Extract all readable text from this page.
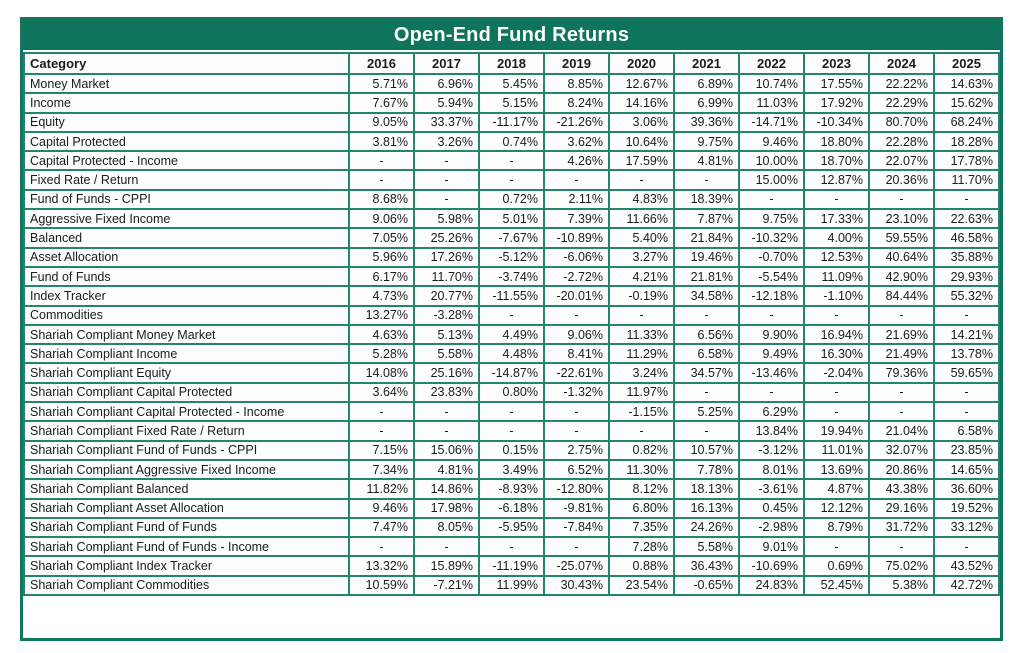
Open-End Fund Returns
Category	2016	2017	2018	2019	2020	2021	2022	2023	2024	2025
Money Market	5.71%	6.96%	5.45%	8.85%	12.67%	6.89%	10.74%	17.55%	22.22%	14.63%
Income	7.67%	5.94%	5.15%	8.24%	14.16%	6.99%	11.03%	17.92%	22.29%	15.62%
Equity	9.05%	33.37%	-11.17%	-21.26%	3.06%	39.36%	-14.71%	-10.34%	80.70%	68.24%
Capital Protected	3.81%	3.26%	0.74%	3.62%	10.64%	9.75%	9.46%	18.80%	22.28%	18.28%
Capital Protected - Income	-	-	-	4.26%	17.59%	4.81%	10.00%	18.70%	22.07%	17.78%
Fixed Rate / Return	-	-	-	-	-	-	15.00%	12.87%	20.36%	11.70%
Fund of Funds - CPPI	8.68%	-	0.72%	2.11%	4.83%	18.39%	-	-	-	-
Aggressive Fixed Income	9.06%	5.98%	5.01%	7.39%	11.66%	7.87%	9.75%	17.33%	23.10%	22.63%
Balanced	7.05%	25.26%	-7.67%	-10.89%	5.40%	21.84%	-10.32%	4.00%	59.55%	46.58%
Asset Allocation	5.96%	17.26%	-5.12%	-6.06%	3.27%	19.46%	-0.70%	12.53%	40.64%	35.88%
Fund of Funds	6.17%	11.70%	-3.74%	-2.72%	4.21%	21.81%	-5.54%	11.09%	42.90%	29.93%
Index Tracker	4.73%	20.77%	-11.55%	-20.01%	-0.19%	34.58%	-12.18%	-1.10%	84.44%	55.32%
Commodities	13.27%	-3.28%	-	-	-	-	-	-	-	-
Shariah Compliant Money Market	4.63%	5.13%	4.49%	9.06%	11.33%	6.56%	9.90%	16.94%	21.69%	14.21%
Shariah Compliant Income	5.28%	5.58%	4.48%	8.41%	11.29%	6.58%	9.49%	16.30%	21.49%	13.78%
Shariah Compliant Equity	14.08%	25.16%	-14.87%	-22.61%	3.24%	34.57%	-13.46%	-2.04%	79.36%	59.65%
Shariah Compliant Capital Protected	3.64%	23.83%	0.80%	-1.32%	11.97%	-	-	-	-	-
Shariah Compliant Capital Protected - Income	-	-	-	-	-1.15%	5.25%	6.29%	-	-	-
Shariah Compliant Fixed Rate / Return	-	-	-	-	-	-	13.84%	19.94%	21.04%	6.58%
Shariah Compliant Fund of Funds - CPPI	7.15%	15.06%	0.15%	2.75%	0.82%	10.57%	-3.12%	11.01%	32.07%	23.85%
Shariah Compliant Aggressive Fixed Income	7.34%	4.81%	3.49%	6.52%	11.30%	7.78%	8.01%	13.69%	20.86%	14.65%
Shariah Compliant Balanced	11.82%	14.86%	-8.93%	-12.80%	8.12%	18.13%	-3.61%	4.87%	43.38%	36.60%
Shariah Compliant Asset Allocation	9.46%	17.98%	-6.18%	-9.81%	6.80%	16.13%	0.45%	12.12%	29.16%	19.52%
Shariah Compliant Fund of Funds	7.47%	8.05%	-5.95%	-7.84%	7.35%	24.26%	-2.98%	8.79%	31.72%	33.12%
Shariah Compliant Fund of Funds - Income	-	-	-	-	7.28%	5.58%	9.01%	-	-	-
Shariah Compliant Index Tracker	13.32%	15.89%	-11.19%	-25.07%	0.88%	36.43%	-10.69%	0.69%	75.02%	43.52%
Shariah Compliant Commodities	10.59%	-7.21%	11.99%	30.43%	23.54%	-0.65%	24.83%	52.45%	5.38%	42.72%
